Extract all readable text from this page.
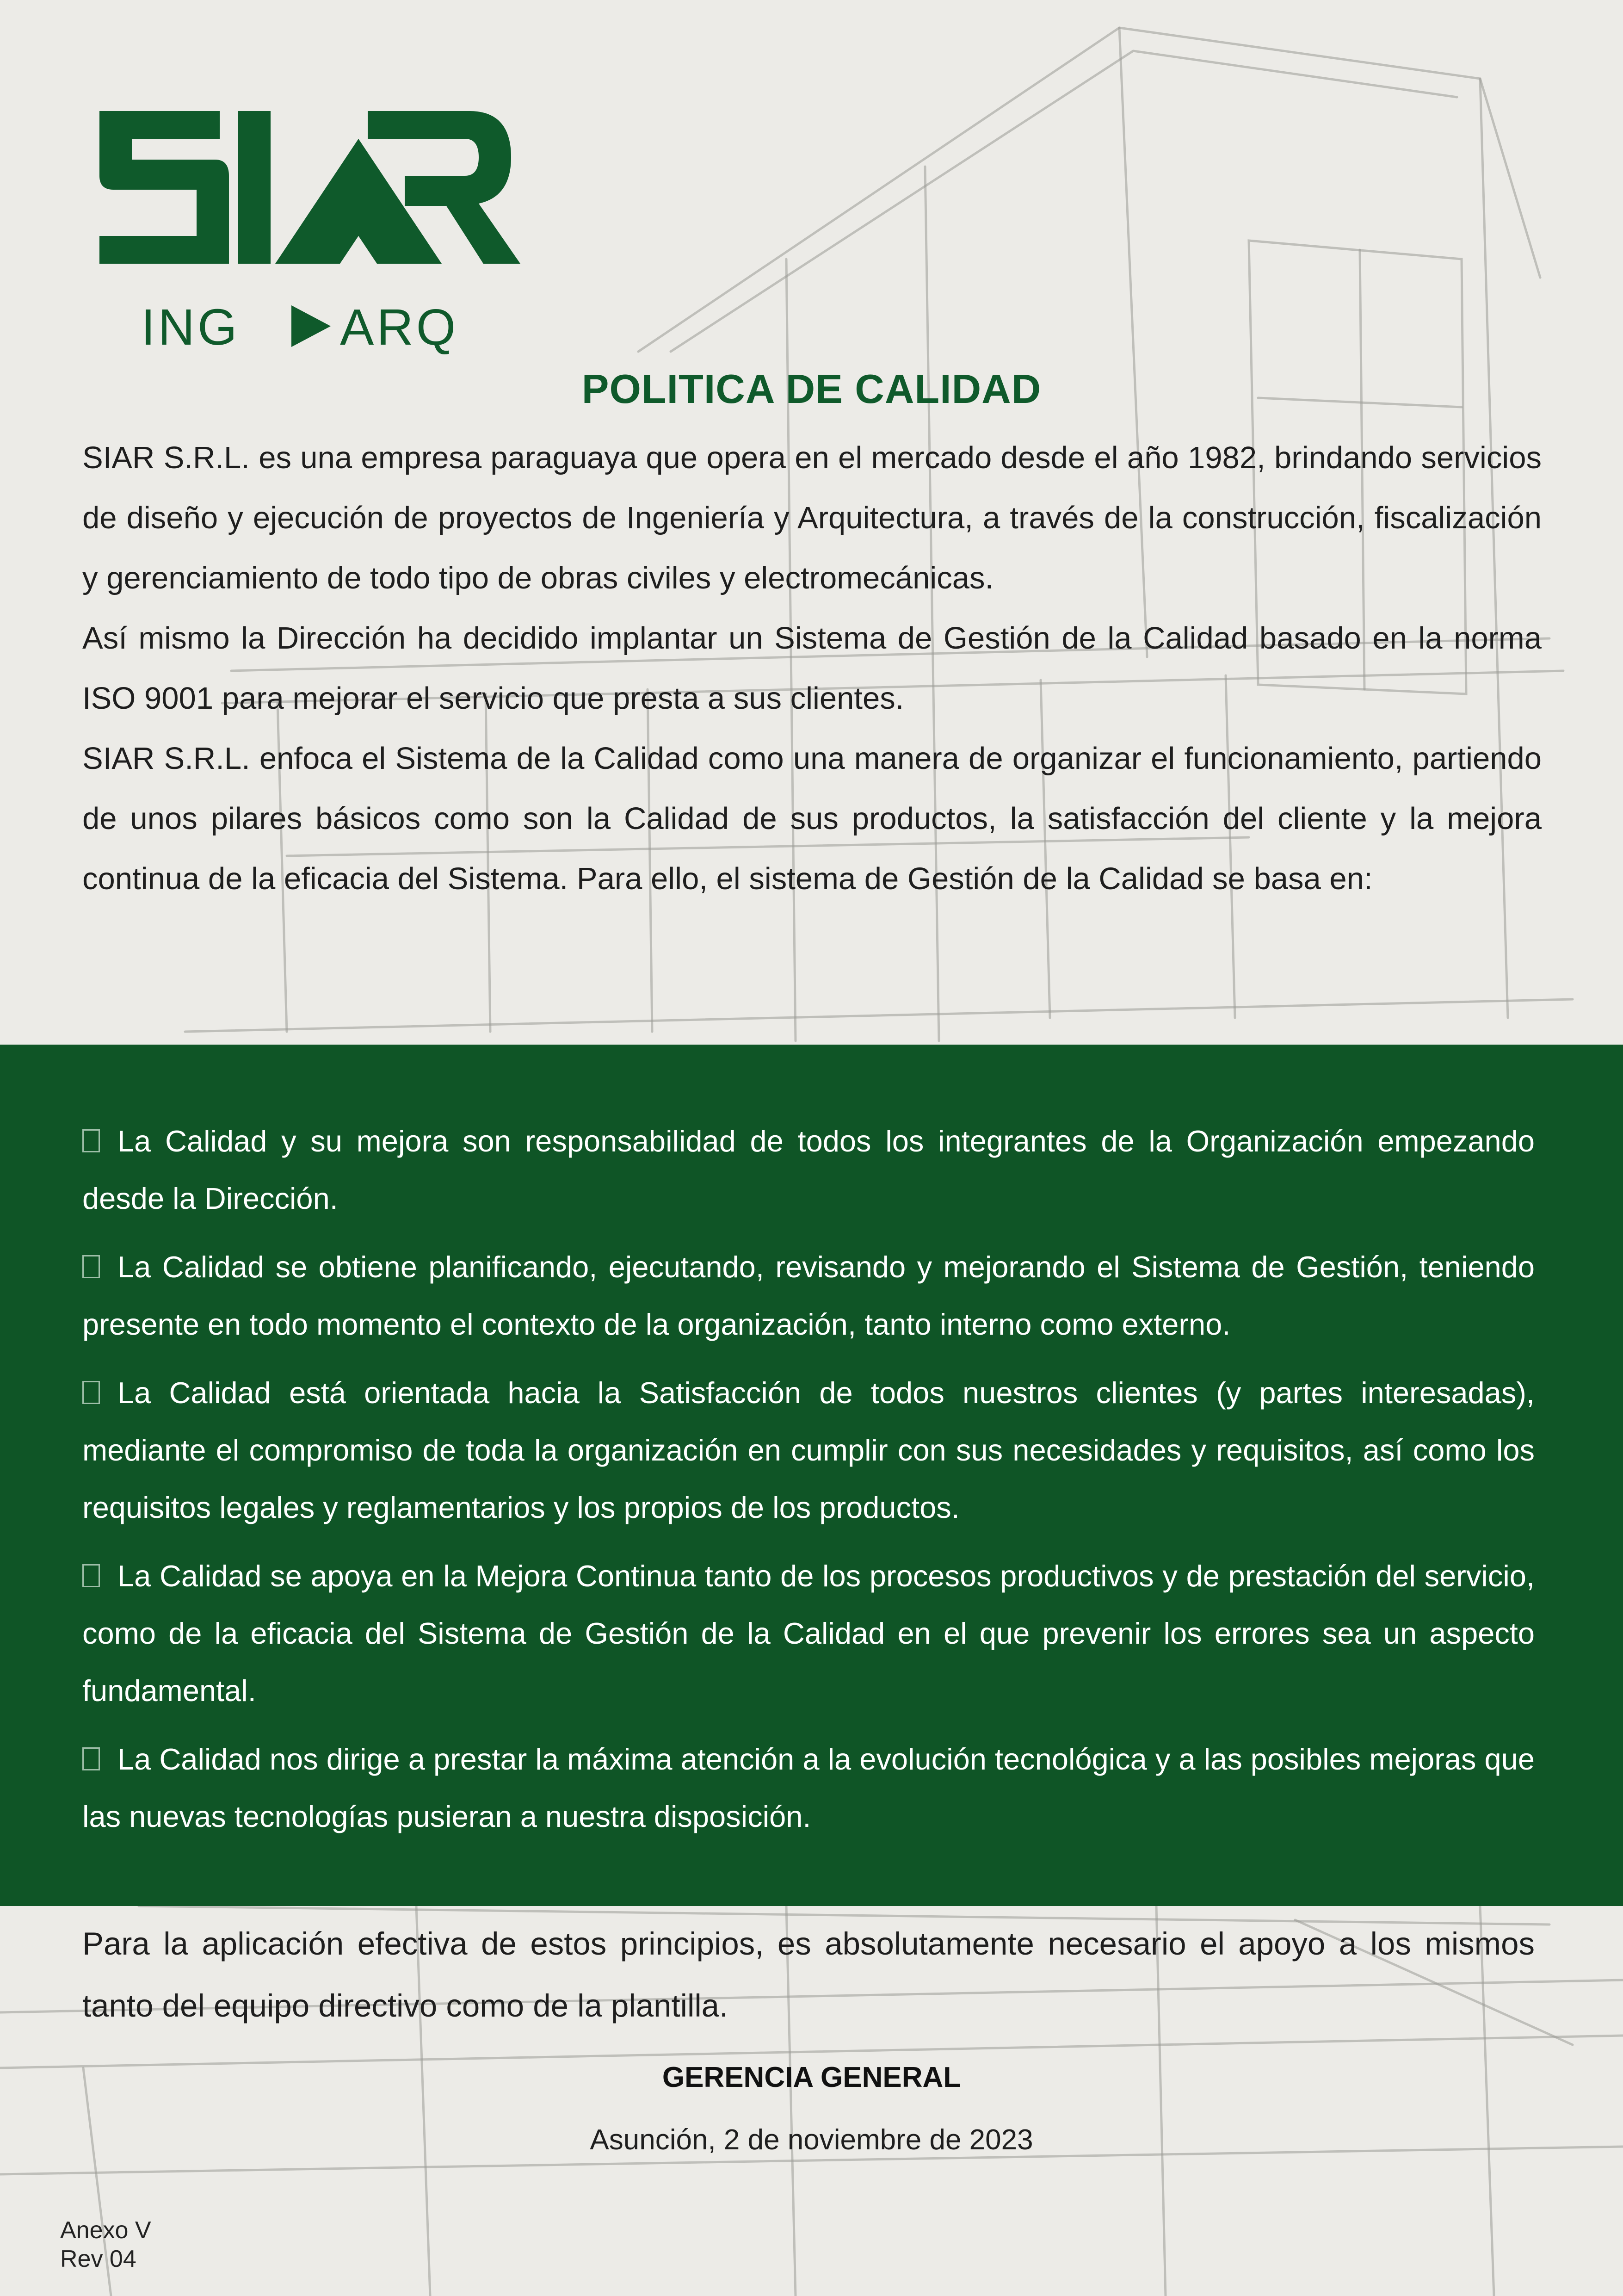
ING ARQ
POLITICA DE CALIDAD

SIAR S.R.L. es una empresa paraguaya que opera en el mercado desde el año 1982, brindando servicios de diseño y ejecución de proyectos de Ingeniería y Arquitectura, a través de la construcción, fiscalización y gerenciamiento de todo tipo de obras civiles y electromecánicas.

Así mismo la Dirección ha decidido implantar un Sistema de Gestión de la Calidad basado en la norma ISO 9001 para mejorar el servicio que presta a sus clientes.

SIAR S.R.L. enfoca el Sistema de la Calidad como una manera de organizar el funcionamiento, partiendo de unos pilares básicos como son la Calidad de sus productos, la satisfacción del cliente y la mejora continua de la eficacia del Sistema. Para ello, el sistema de Gestión de la Calidad se basa en:

La Calidad y su mejora son responsabilidad de todos los integrantes de la Organización empezando desde la Dirección.
La Calidad se obtiene planificando, ejecutando, revisando y mejorando el Sistema de Gestión, teniendo presente en todo momento el contexto de la organización, tanto interno como externo.
La Calidad está orientada hacia la Satisfacción de todos nuestros clientes (y partes interesadas), mediante el compromiso de toda la organización en cumplir con sus necesidades y requisitos, así como los requisitos legales y reglamentarios y los propios de los productos.
La Calidad se apoya en la Mejora Continua tanto de los procesos productivos y de prestación del servicio, como de la eficacia del Sistema de Gestión de la Calidad en el que prevenir los errores sea un aspecto fundamental.
La Calidad nos dirige a prestar la máxima atención a la evolución tecnológica y a las posibles mejoras que las nuevas tecnologías pusieran a nuestra disposición.

Para la aplicación efectiva de estos principios, es absolutamente necesario el apoyo a los mismos tanto del equipo directivo como de la plantilla.

GERENCIA GENERAL
Asunción, 2 de noviembre de 2023
Anexo V
Rev 04
